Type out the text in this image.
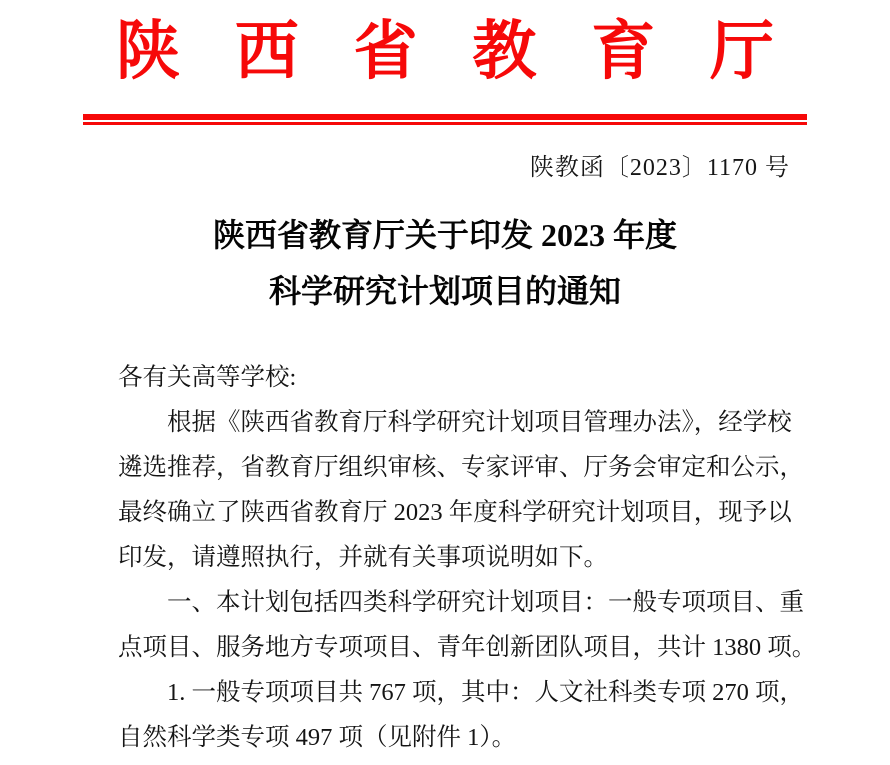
陕 西 省 教 育 厅
陕教函〔2023〕1170 号
陕西省教育厅关于印发 2023 年度
科学研究计划项目的通知
各有关高等学校:
根据《陕西省教育厅科学研究计划项目管理办法》，经学校
遴选推荐，省教育厅组织审核、专家评审、厅务会审定和公示，
最终确立了陕西省教育厅 2023 年度科学研究计划项目，现予以
印发，请遵照执行，并就有关事项说明如下。
一、本计划包括四类科学研究计划项目：一般专项项目、重
点项目、服务地方专项项目、青年创新团队项目，共计 1380 项。
1. 一般专项项目共 767 项，其中：人文社科类专项 270 项，
自然科学类专项 497 项（见附件 1）。
